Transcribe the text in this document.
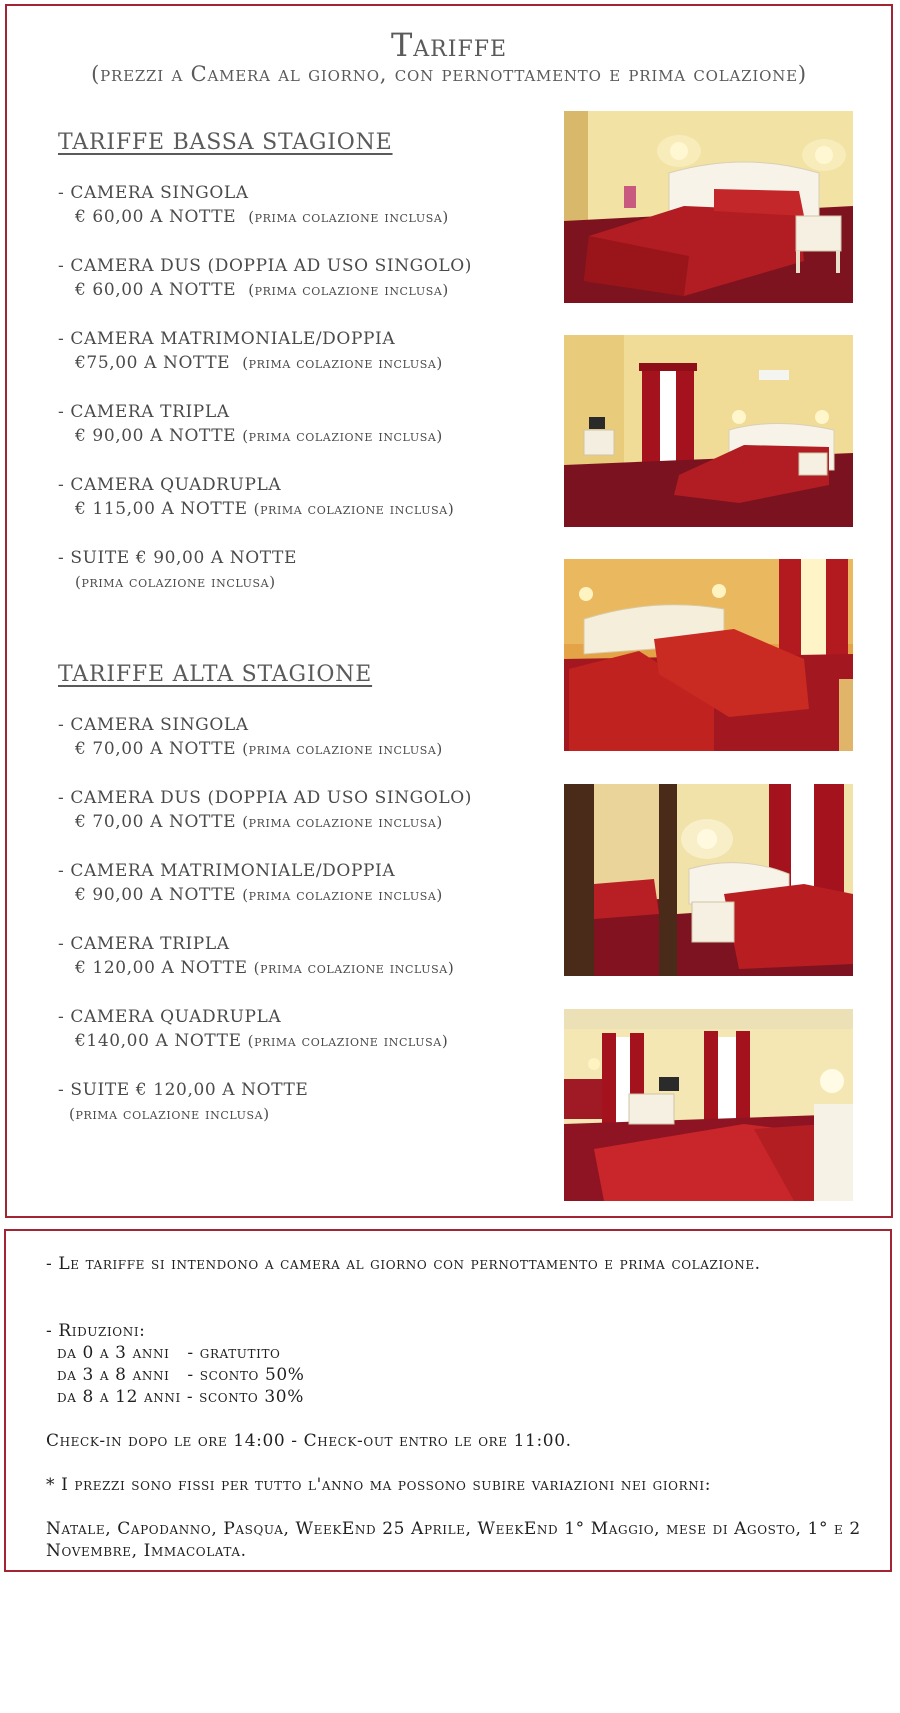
Tariffe
(prezzi a Camera al giorno, con pernottamento e prima colazione)
TARIFFE BASSA STAGIONE
- CAMERA SINGOLA
€ 60,00 A NOTTE (prima colazione inclusa)
- CAMERA DUS (DOPPIA AD USO SINGOLO)
€ 60,00 A NOTTE (prima colazione inclusa)
- CAMERA MATRIMONIALE/DOPPIA
€75,00 A NOTTE (prima colazione inclusa)
- CAMERA TRIPLA
€ 90,00 A NOTTE (prima colazione inclusa)
- CAMERA QUADRUPLA
€ 115,00 A NOTTE (prima colazione inclusa)
- SUITE € 90,00 A NOTTE
(prima colazione inclusa)
TARIFFE ALTA STAGIONE
- CAMERA SINGOLA
€ 70,00 A NOTTE (prima colazione inclusa)
- CAMERA DUS (DOPPIA AD USO SINGOLO)
€ 70,00 A NOTTE (prima colazione inclusa)
- CAMERA MATRIMONIALE/DOPPIA
€ 90,00 A NOTTE (prima colazione inclusa)
- CAMERA TRIPLA
€ 120,00 A NOTTE (prima colazione inclusa)
- CAMERA QUADRUPLA
€140,00 A NOTTE (prima colazione inclusa)
- SUITE € 120,00 A NOTTE
(prima colazione inclusa)
- Le tariffe si intendono a camera al giorno con pernottamento e prima colazione.
- Riduzioni:
da 0 a 3 anni   - gratutito
da 3 a 8 anni   - sconto 50%
da 8 a 12 anni - sconto 30%
Check-in dopo le ore 14:00 - Check-out entro le ore 11:00.
* I prezzi sono fissi per tutto l'anno ma possono subire variazioni nei giorni:
Natale, Capodanno, Pasqua, WeekEnd 25 Aprile, WeekEnd 1° Maggio, mese di Agosto, 1° e 2 Novembre, Immacolata.
